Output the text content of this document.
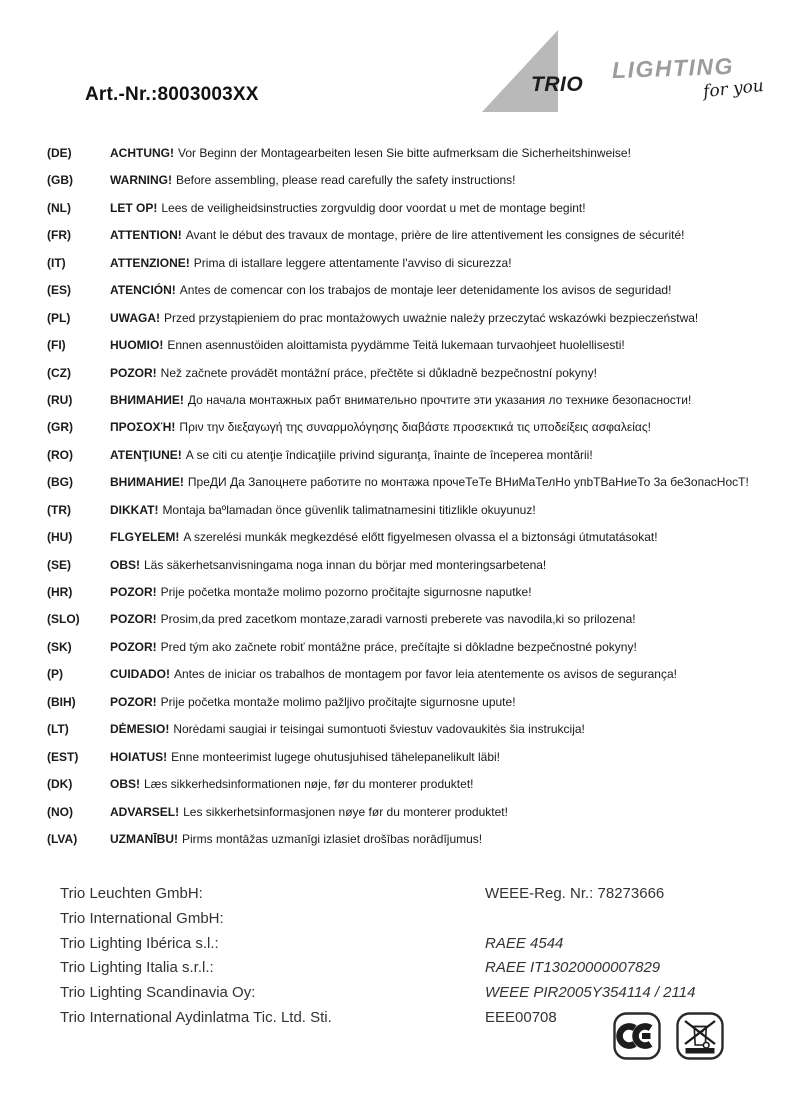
Art.-Nr.:8003003XX	TRIO
LIGHTING
for you
(DE)	ACHTUNG! Vor Beginn der Montagearbeiten lesen Sie bitte aufmerksam die Sicherheitshinweise!
(GB)	WARNING! Before assembling, please read carefully the safety instructions!
(NL)	LET OP! Lees de veiligheidsinstructies zorgvuldig door voordat u met de montage begint!
(FR)	ATTENTION! Avant le début des travaux de montage, prière de lire attentivement les consignes de sécurité!
(IT)	ATTENZIONE! Prima di istallare leggere attentamente l'avviso di sicurezza!
(ES)	ATENCIÓN! Antes de comencar con los trabajos de montaje leer detenidamente los avisos de seguridad!
(PL)	UWAGA! Przed przystąpieniem do prac montażowych uważnie należy przeczytać wskazówki bezpieczeństwa!
(FI)	HUOMIO! Ennen asennustöiden aloittamista pyydämme Teitä lukemaan turvaohjeet huolellisesti!
(CZ)	POZOR! Než začnete provádět montážní práce, přečtěte si důkladně bezpečnostní pokyny!
(RU)	ВНИМАНИЕ! До начала монтажных рабт внимательно прочтите эти указания ло технике безопасности!
(GR)	ΠΡΟΣΟΧΉ! Πριν την διεξαγωγή της συναρμολόγησης διαβάστε προσεκτικά τις υποδείξεις ασφαλείας!
(RO)	ATENŢIUNE! A se citi cu atenţie îndicaţiile privind siguranţa, înainte de începerea montării!
(BG)	ВНИМАНИЕ! ПреДИ Да Запоцнете работите по монтажа прочеТеТе ВНиМаТелНо упbТВаНиеТо 3а беЗопасНосТ!
(TR)	DIKKAT! Montaja baºlamadan önce güvenlik talimatnamesini titizlikle okuyunuz!
(HU)	FLGYELEM! A szerelési munkák megkezdésé előtt figyelmesen olvassa el a biztonsági útmutatásokat!
(SE)	OBS! Läs säkerhetsanvisningama noga innan du börjar med monteringsarbetena!
(HR)	POZOR! Prije početka montaže molimo pozorno pročitajte sigurnosne naputke!
(SLO)	POZOR! Prosim,da pred zacetkom montaze,zaradi varnosti preberete vas navodila,ki so prilozena!
(SK)	POZOR! Pred tým ako začnete robiť montážne práce, prečítajte si dôkladne bezpečnostné pokyny!
(P)	CUIDADO! Antes de iniciar os trabalhos de montagem por favor leia atentemente os avisos de segurança!
(BIH)	POZOR! Prije početka montaže molimo pažljivo pročitajte sigurnosne upute!
(LT)	DĖMESIO! Norėdami saugiai ir teisingai sumontuoti šviestuv vadovaukitės šia instrukcija!
(EST)	HOIATUS! Enne monteerimist lugege ohutusjuhised tähelepanelikult läbi!
(DK)	OBS! Læs sikkerhedsinformationen nøje, før du monterer produktet!
(NO)	ADVARSEL! Les sikkerhetsinformasjonen nøye før du monterer produktet!
(LVA)	UZMANĪBU! Pirms montāžas uzmanīgi izlasiet drošības norādījumus!
Trio Leuchten GmbH:	WEEE-Reg. Nr.: 78273666
Trio International GmbH:
Trio Lighting Ibérica s.l.:	RAEE 4544
Trio Lighting Italia s.r.l.:	RAEE IT13020000007829
Trio Lighting Scandinavia Oy:	WEEE PIR2005Y354114 / 2114
Trio International Aydinlatma Tic. Ltd. Sti.	EEE00708
